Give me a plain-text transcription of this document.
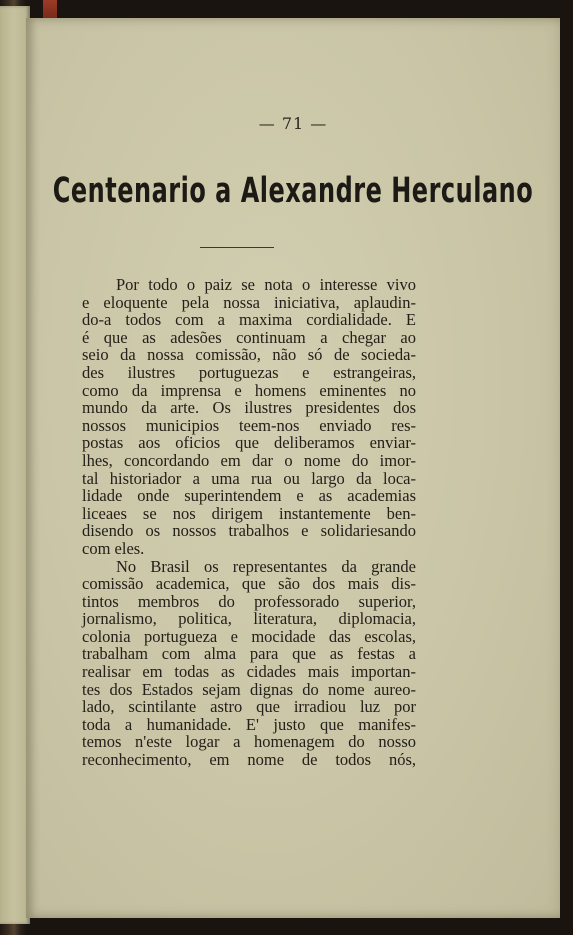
— 71 —
Centenario a Alexandre Herculano
Por todo o paiz se nota o interesse vivo
e eloquente pela nossa iniciativa, aplaudin-
do-a todos com a maxima cordialidade. E
é que as adesões continuam a chegar ao
seio da nossa comissão, não só de socieda-
des ilustres portuguezas e estrangeiras,
como da imprensa e homens eminentes no
mundo da arte. Os ilustres presidentes dos
nossos municipios teem-nos enviado res-
postas aos oficios que deliberamos enviar-
lhes, concordando em dar o nome do imor-
tal historiador a uma rua ou largo da loca-
lidade onde superintendem e as academias
liceaes se nos dirigem instantemente ben-
disendo os nossos trabalhos e solidariesando
com eles.
No Brasil os representantes da grande
comissão academica, que são dos mais dis-
tintos membros do professorado superior,
jornalismo, politica, literatura, diplomacia,
colonia portugueza e mocidade das escolas,
trabalham com alma para que as festas a
realisar em todas as cidades mais importan-
tes dos Estados sejam dignas do nome aureo-
lado, scintilante astro que irradiou luz por
toda a humanidade. E' justo que manifes-
temos n'este logar a homenagem do nosso
reconhecimento, em nome de todos nós,
